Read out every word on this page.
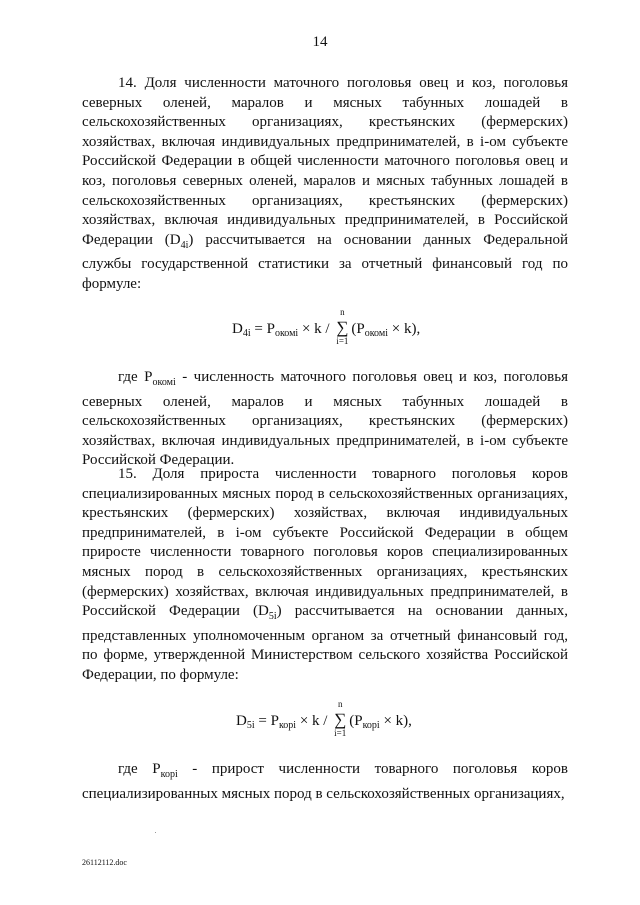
14

14. Доля численности маточного поголовья овец и коз, поголовья северных оленей, маралов и мясных табунных лошадей в сельскохозяйственных организациях, крестьянских (фермерских) хозяйствах, включая индивидуальных предпринимателей, в i-ом субъекте Российской Федерации в общей численности маточного поголовья овец и коз, поголовья северных оленей, маралов и мясных табунных лошадей в сельскохозяйственных организациях, крестьянских (фермерских) хозяйствах, включая индивидуальных предпринимателей, в Российской Федерации $(D_{4i})$ рассчитывается на основании данных Федеральной службы государственной статистики за отчетный финансовый год по формуле:

$D_{4i} = P_{окомi} \times k$ / ∑
n
i=1
$(P_{окомi} \times k)$,

где $P_{окомi}$ - численность маточного поголовья овец и коз, поголовья северных оленей, маралов и мясных табунных лошадей в сельскохозяйственных организациях, крестьянских (фермерских) хозяйствах, включая индивидуальных предпринимателей, в i-ом субъекте Российской Федерации.

15. Доля прироста численности товарного поголовья коров специализированных мясных пород в сельскохозяйственных организациях, крестьянских (фермерских) хозяйствах, включая индивидуальных предпринимателей, в i-ом субъекте Российской Федерации в общем приросте численности товарного поголовья коров специализированных мясных пород в сельскохозяйственных организациях, крестьянских (фермерских) хозяйствах, включая индивидуальных предпринимателей, в Российской Федерации $(D_{5i})$ рассчитывается на основании данных, представленных уполномоченным органом за отчетный финансовый год, по форме, утвержденной Министерством сельского хозяйства Российской Федерации, по формуле:

$D_{5i} = P_{корi} \times k$ / ∑
n
i=1
$(P_{корi} \times k)$,

где $P_{корi}$ - прирост численности товарного поголовья коров специализированных мясных пород в сельскохозяйственных организациях,

26112112.doc
